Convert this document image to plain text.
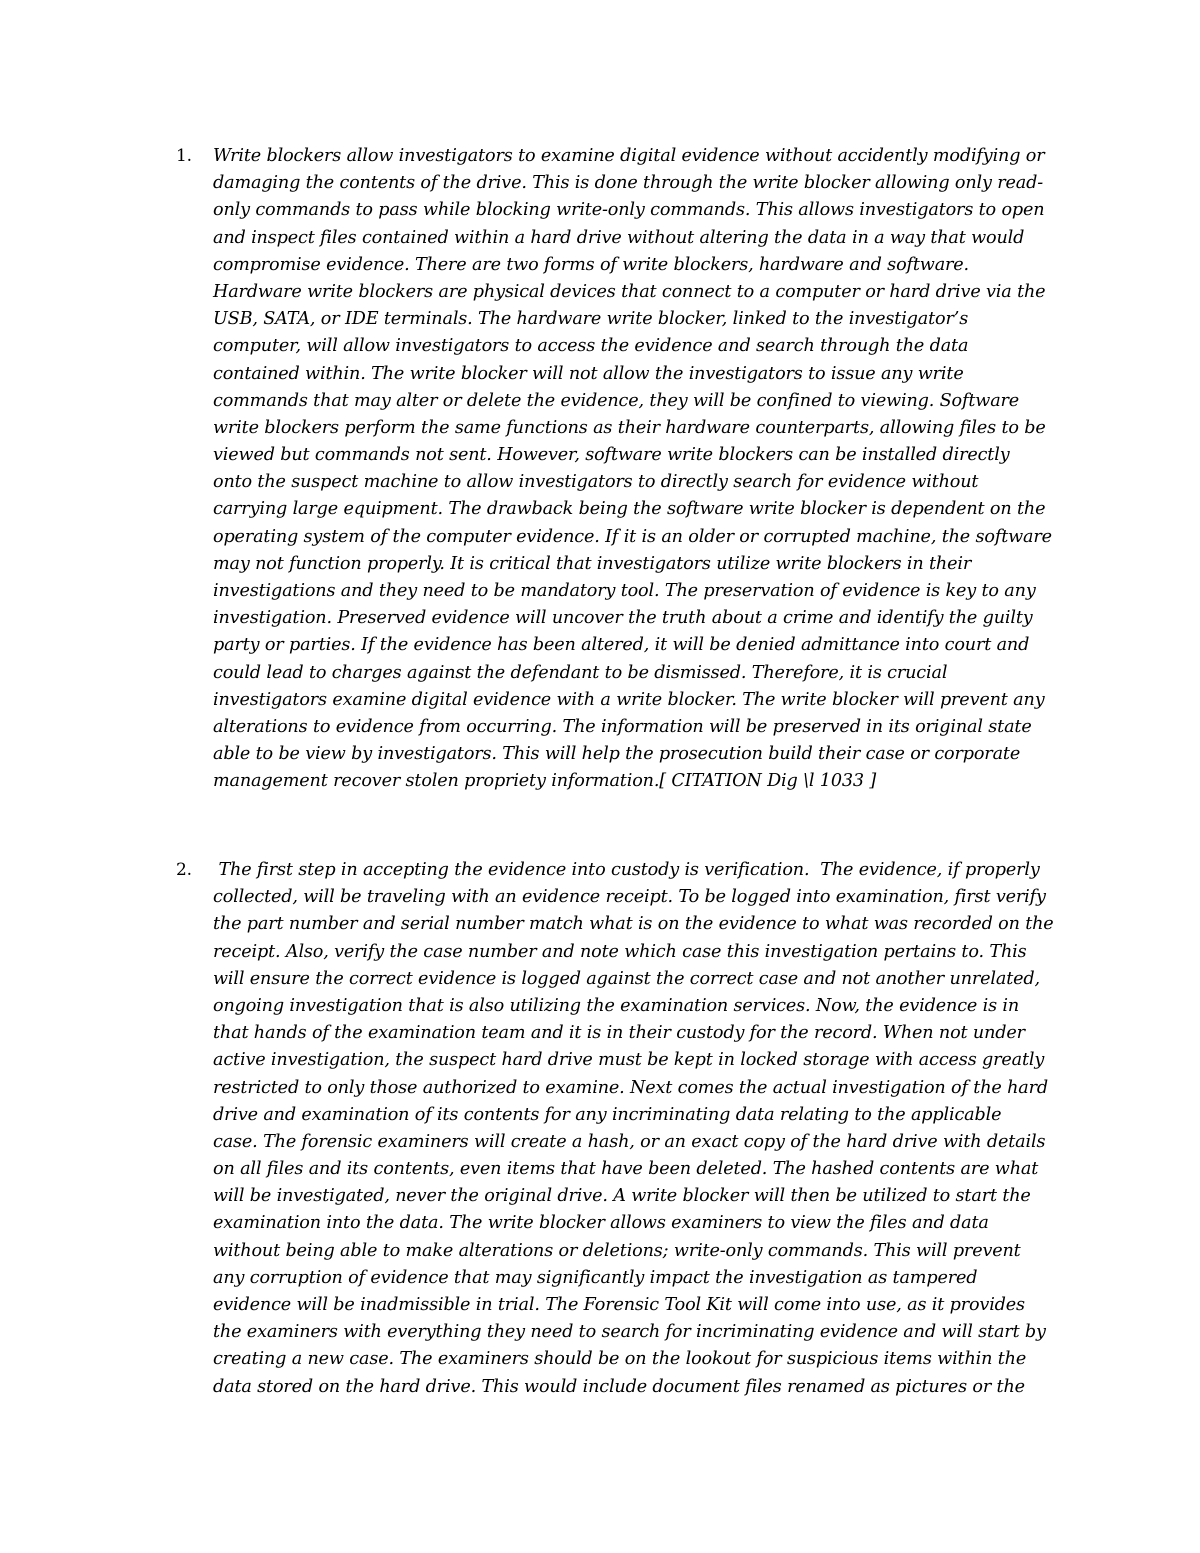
1. Write blockers allow investigators to examine digital evidence without accidently modifying or
damaging the contents of the drive. This is done through the write blocker allowing only read-
only commands to pass while blocking write-only commands. This allows investigators to open
and inspect files contained within a hard drive without altering the data in a way that would
compromise evidence. There are two forms of write blockers, hardware and software.
Hardware write blockers are physical devices that connect to a computer or hard drive via the
USB, SATA, or IDE terminals. The hardware write blocker, linked to the investigator’s
computer, will allow investigators to access the evidence and search through the data
contained within. The write blocker will not allow the investigators to issue any write
commands that may alter or delete the evidence, they will be confined to viewing. Software
write blockers perform the same functions as their hardware counterparts, allowing files to be
viewed but commands not sent. However, software write blockers can be installed directly
onto the suspect machine to allow investigators to directly search for evidence without
carrying large equipment. The drawback being the software write blocker is dependent on the
operating system of the computer evidence. If it is an older or corrupted machine, the software
may not function properly. It is critical that investigators utilize write blockers in their
investigations and they need to be mandatory tool. The preservation of evidence is key to any
investigation. Preserved evidence will uncover the truth about a crime and identify the guilty
party or parties. If the evidence has been altered, it will be denied admittance into court and
could lead to charges against the defendant to be dismissed. Therefore, it is crucial
investigators examine digital evidence with a write blocker. The write blocker will prevent any
alterations to evidence from occurring. The information will be preserved in its original state
able to be view by investigators. This will help the prosecution build their case or corporate
management recover stolen propriety information.[ CITATION Dig \l 1033 ]
2. The first step in accepting the evidence into custody is verification.  The evidence, if properly
collected, will be traveling with an evidence receipt. To be logged into examination, first verify
the part number and serial number match what is on the evidence to what was recorded on the
receipt. Also, verify the case number and note which case this investigation pertains to. This
will ensure the correct evidence is logged against the correct case and not another unrelated,
ongoing investigation that is also utilizing the examination services. Now, the evidence is in
that hands of the examination team and it is in their custody for the record. When not under
active investigation, the suspect hard drive must be kept in locked storage with access greatly
restricted to only those authorized to examine. Next comes the actual investigation of the hard
drive and examination of its contents for any incriminating data relating to the applicable
case. The forensic examiners will create a hash, or an exact copy of the hard drive with details
on all files and its contents, even items that have been deleted. The hashed contents are what
will be investigated, never the original drive. A write blocker will then be utilized to start the
examination into the data. The write blocker allows examiners to view the files and data
without being able to make alterations or deletions; write-only commands. This will prevent
any corruption of evidence that may significantly impact the investigation as tampered
evidence will be inadmissible in trial. The Forensic Tool Kit will come into use, as it provides
the examiners with everything they need to search for incriminating evidence and will start by
creating a new case. The examiners should be on the lookout for suspicious items within the
data stored on the hard drive. This would include document files renamed as pictures or the
